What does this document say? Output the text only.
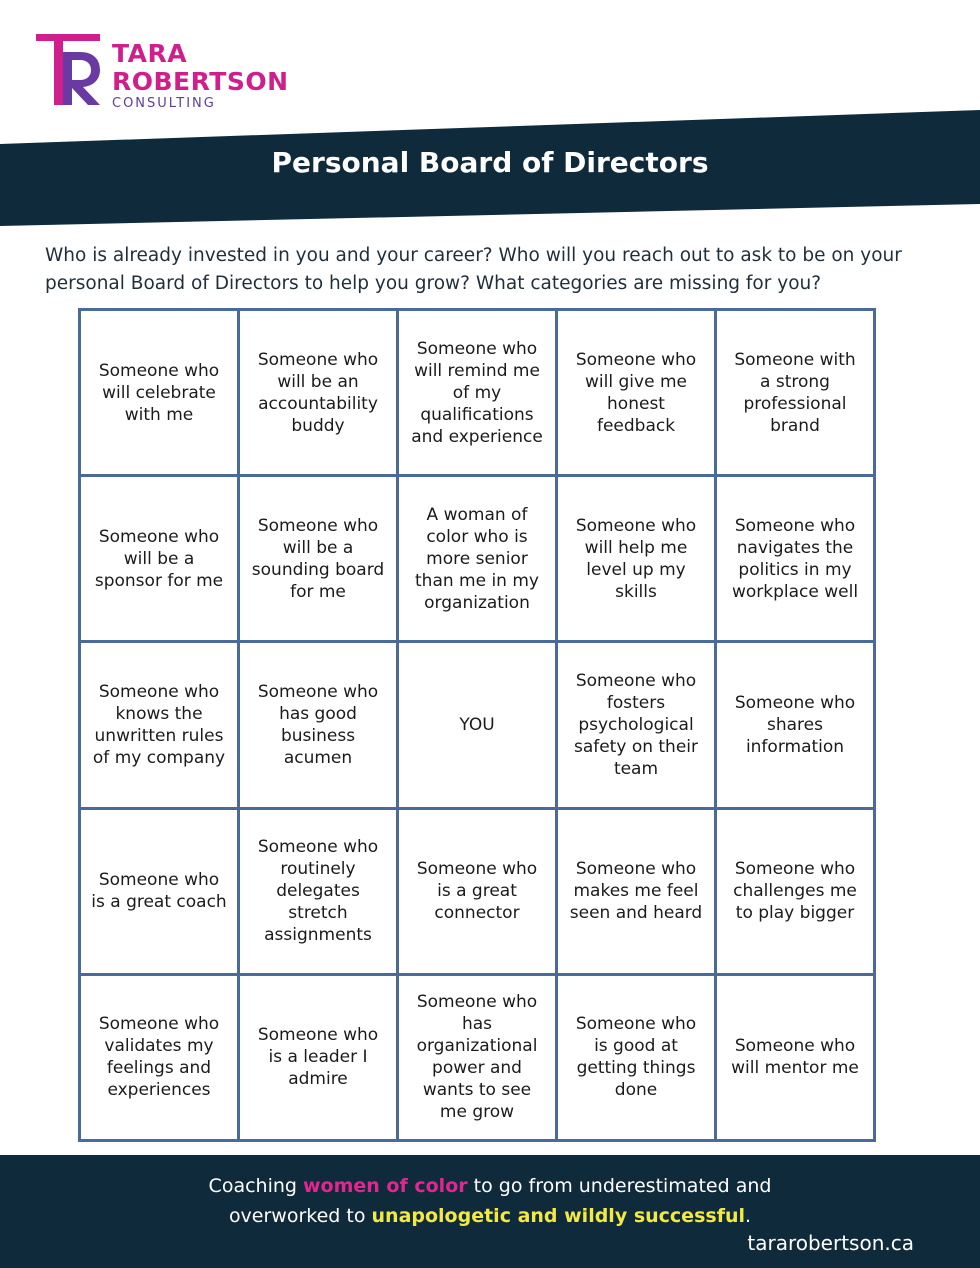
TARA
ROBERTSON
CONSULTING
Personal Board of Directors

Who is already invested in you and your career? Who will you reach out to ask to be on your personal Board of Directors to help you grow? What categories are missing for you?

Someone who will celebrate with me
Someone who will be an accountability buddy
Someone who will remind me of my qualifications and experience
Someone who will give me honest feedback
Someone with a strong professional brand
Someone who will be a sponsor for me
Someone who will be a sounding board for me
A woman of color who is more senior than me in my organization
Someone who will help me level up my skills
Someone who navigates the politics in my workplace well
Someone who knows the unwritten rules of my company
Someone who has good business acumen
YOU
Someone who fosters psychological safety on their team
Someone who shares information
Someone who is a great coach
Someone who routinely delegates stretch assignments
Someone who is a great connector
Someone who makes me feel seen and heard
Someone who challenges me to play bigger
Someone who validates my feelings and experiences
Someone who is a leader I admire
Someone who has organizational power and wants to see me grow
Someone who is good at getting things done
Someone who will mentor me
Coaching women of color to go from underestimated and
overworked to unapologetic and wildly successful.
tararobertson.ca
